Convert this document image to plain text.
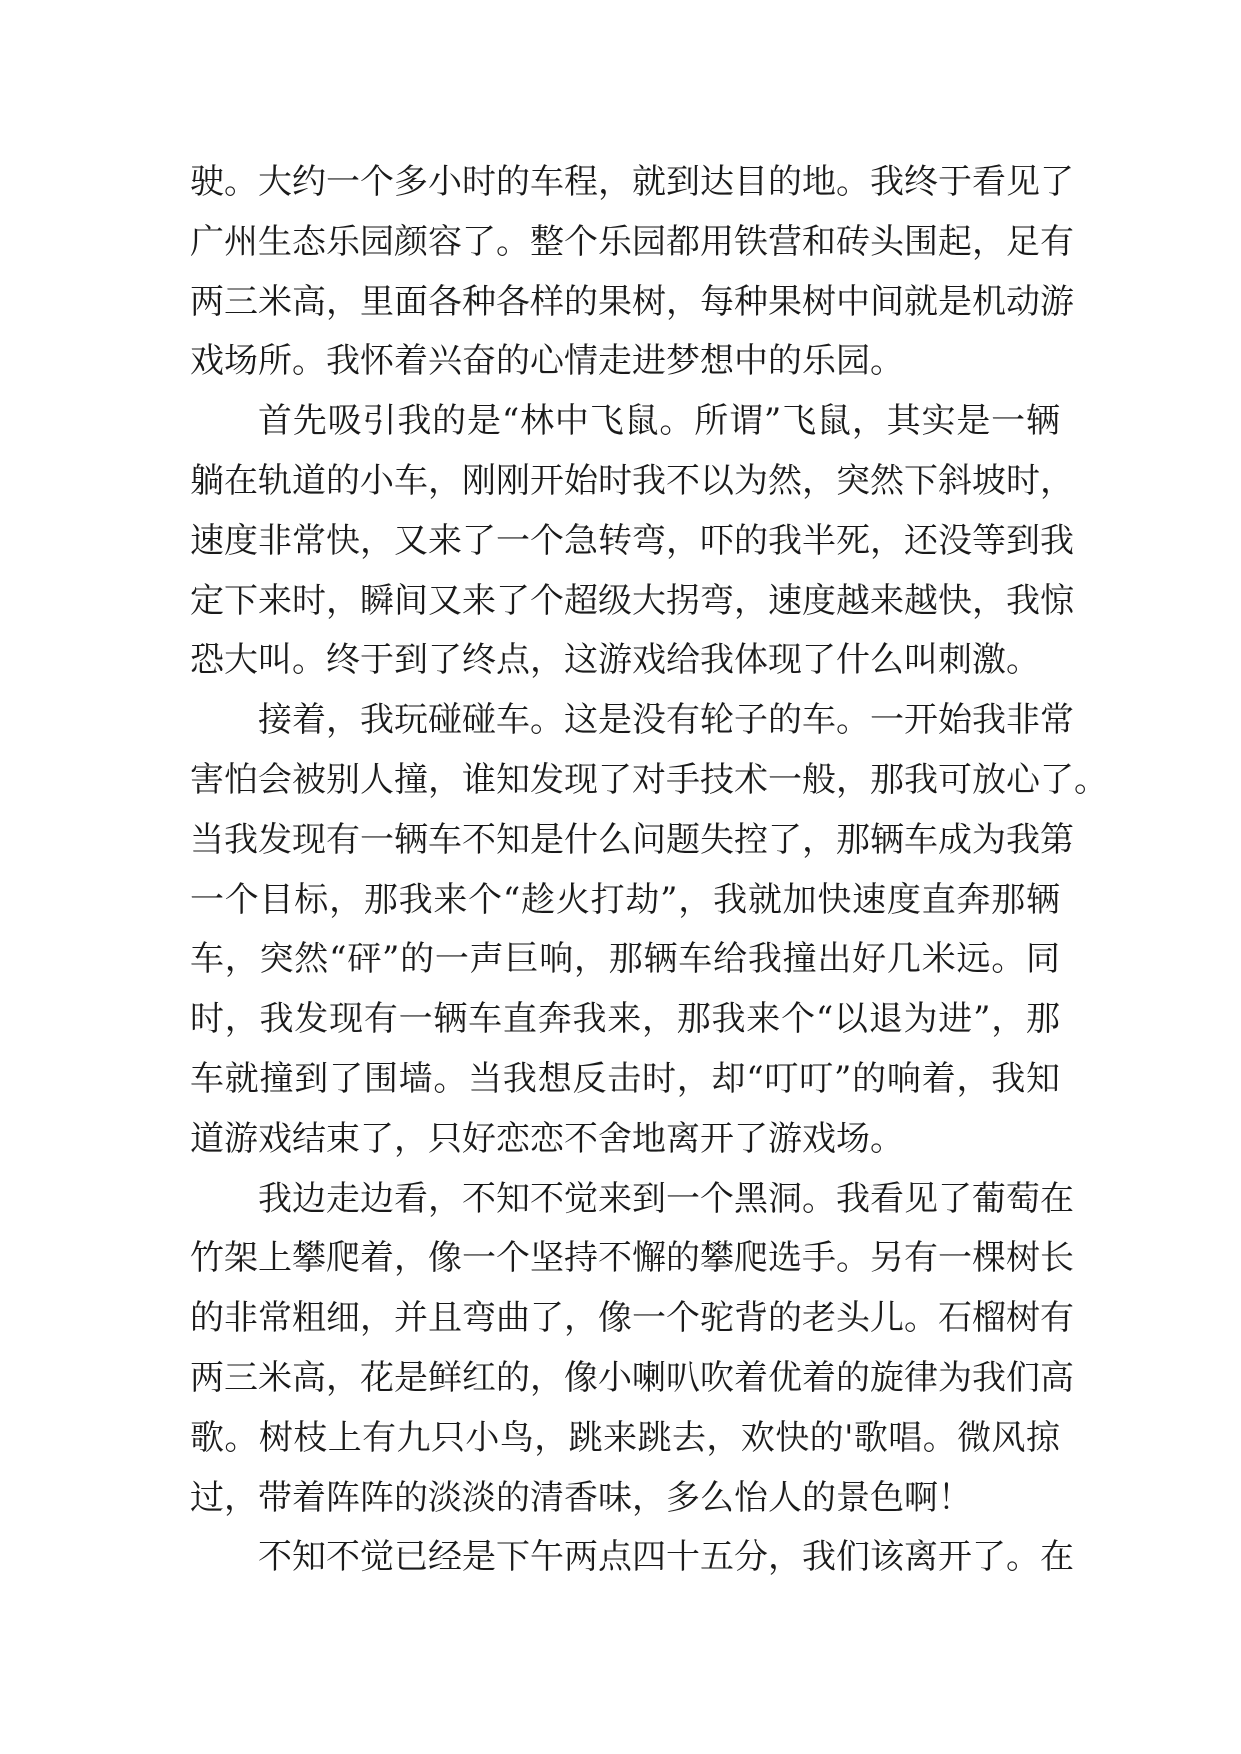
驶。大约一个多小时的车程，就到达目的地。我终于看见了
广州生态乐园颜容了。整个乐园都用铁营和砖头围起，足有
两三米高，里面各种各样的果树，每种果树中间就是机动游
戏场所。我怀着兴奋的心情走进梦想中的乐园。
首先吸引我的是“林中飞鼠。所谓”飞鼠，其实是一辆
躺在轨道的小车，刚刚开始时我不以为然，突然下斜坡时，
速度非常快，又来了一个急转弯，吓的我半死，还没等到我
定下来时，瞬间又来了个超级大拐弯，速度越来越快，我惊
恐大叫。终于到了终点，这游戏给我体现了什么叫刺激。
接着，我玩碰碰车。这是没有轮子的车。一开始我非常
害怕会被别人撞，谁知发现了对手技术一般，那我可放心了。
当我发现有一辆车不知是什么问题失控了，那辆车成为我第
一个目标，那我来个“趁火打劫”，我就加快速度直奔那辆
车，突然“砰”的一声巨响，那辆车给我撞出好几米远。同
时，我发现有一辆车直奔我来，那我来个“以退为进”，那
车就撞到了围墙。当我想反击时，却“叮叮”的响着，我知
道游戏结束了，只好恋恋不舍地离开了游戏场。
我边走边看，不知不觉来到一个黑洞。我看见了葡萄在
竹架上攀爬着，像一个坚持不懈的攀爬选手。另有一棵树长
的非常粗细，并且弯曲了，像一个驼背的老头儿。石榴树有
两三米高，花是鲜红的，像小喇叭吹着优着的旋律为我们高
歌。树枝上有九只小鸟，跳来跳去，欢快的'歌唱。微风掠
过，带着阵阵的淡淡的清香味，多么怡人的景色啊！
不知不觉已经是下午两点四十五分，我们该离开了。在
